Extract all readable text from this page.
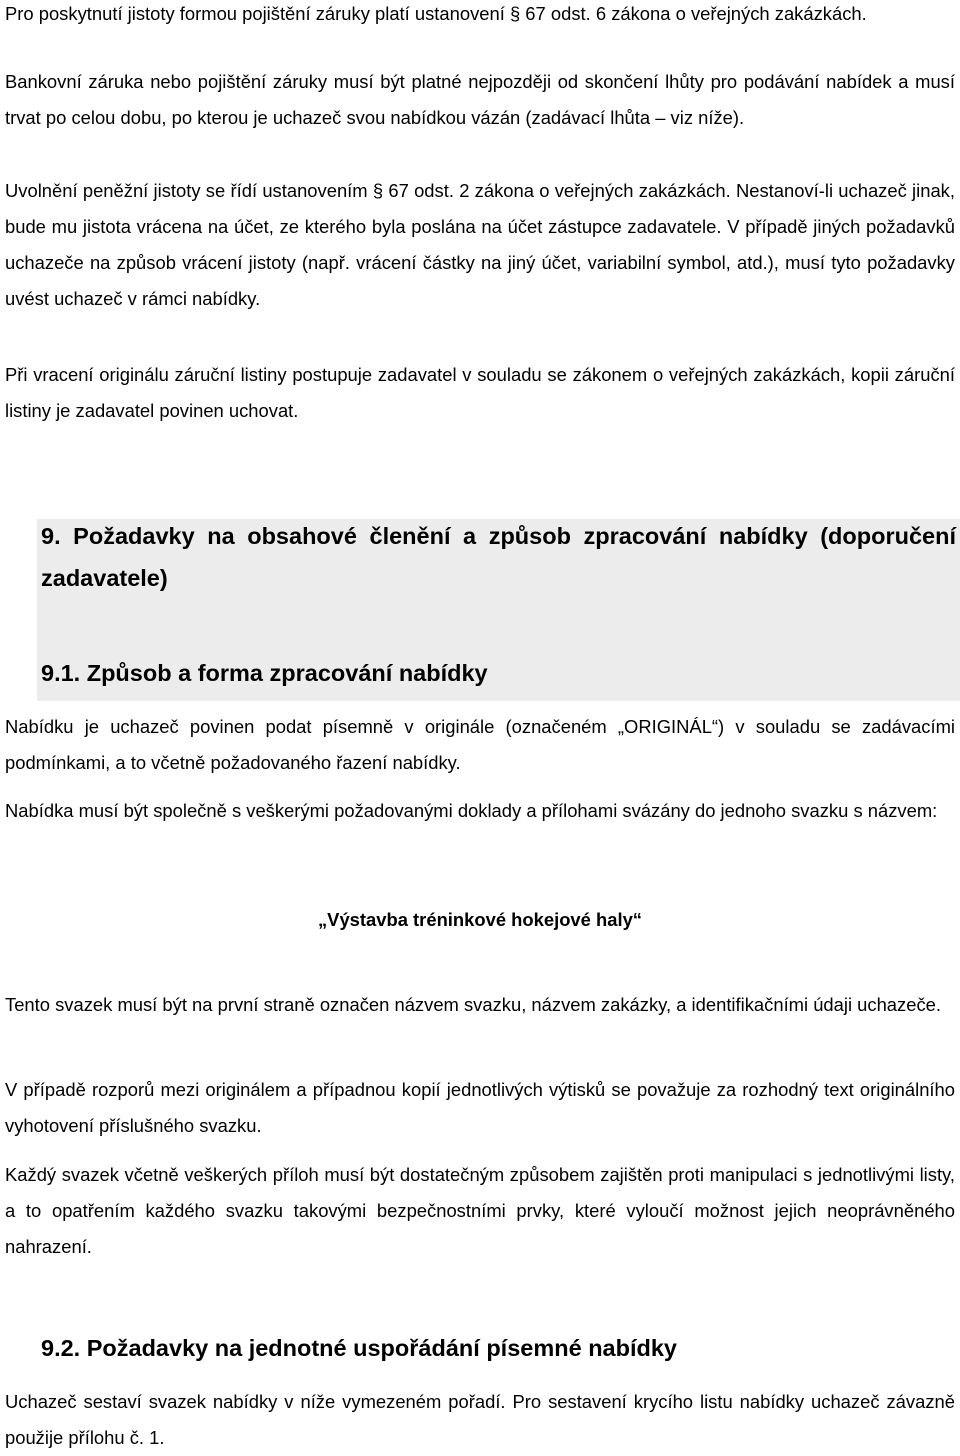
Pro poskytnutí jistoty formou pojištění záruky platí ustanovení § 67 odst. 6 zákona o veřejných zakázkách.

Bankovní záruka nebo pojištění záruky musí být platné nejpozději od skončení lhůty pro podávání nabídek a musí trvat po celou dobu, po kterou je uchazeč svou nabídkou vázán (zadávací lhůta – viz níže).

Uvolnění peněžní jistoty se řídí ustanovením § 67 odst. 2 zákona o veřejných zakázkách. Nestanoví-li uchazeč jinak, bude mu jistota vrácena na účet, ze kterého byla poslána na účet zástupce zadavatele. V případě jiných požadavků uchazeče na způsob vrácení jistoty (např. vrácení částky na jiný účet, variabilní symbol, atd.), musí tyto požadavky uvést uchazeč v rámci nabídky.

Při vracení originálu záruční listiny postupuje zadavatel v souladu se zákonem o veřejných zakázkách, kopii záruční listiny je zadavatel povinen uchovat.

9. Požadavky na obsahové členění a způsob zpracování nabídky (doporučení zadavatele)

9.1. Způsob a forma zpracování nabídky

Nabídku je uchazeč povinen podat písemně v originále (označeném „ORIGINÁL“) v souladu se zadávacími podmínkami, a to včetně požadovaného řazení nabídky.

Nabídka musí být společně s veškerými požadovanými doklady a přílohami svázány do jednoho svazku s názvem:

„Výstavba tréninkové hokejové haly“

Tento svazek musí být na první straně označen názvem svazku, názvem zakázky, a identifikačními údaji uchazeče.

V případě rozporů mezi originálem a případnou kopií jednotlivých výtisků se považuje za rozhodný text originálního vyhotovení příslušného svazku.

Každý svazek včetně veškerých příloh musí být dostatečným způsobem zajištěn proti manipulaci s jednotlivými listy, a to opatřením každého svazku takovými bezpečnostními prvky, které vyloučí možnost jejich neoprávněného nahrazení.

9.2. Požadavky na jednotné uspořádání písemné nabídky

Uchazeč sestaví svazek nabídky v níže vymezeném pořadí. Pro sestavení krycího listu nabídky uchazeč závazně použije přílohu č. 1.
